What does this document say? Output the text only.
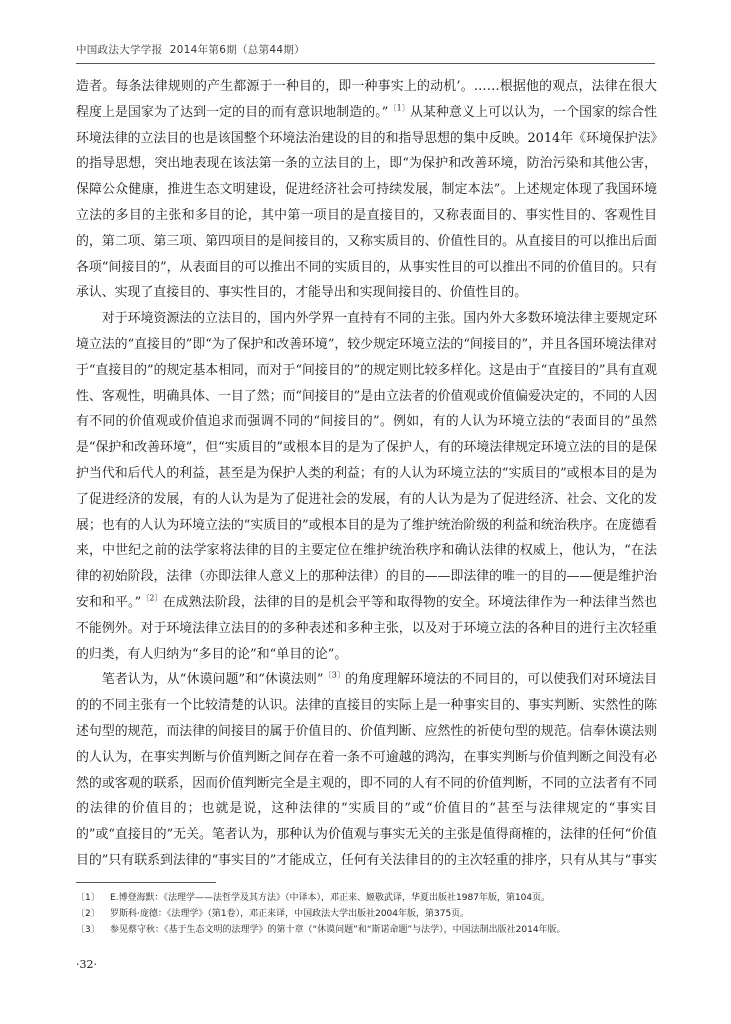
中国政法大学学报 2014年第6期（总第44期）

造者。每条法律规则的产生都源于一种目的，即一种事实上的动机’。……根据他的观点，法律在很大程度上是国家为了达到一定的目的而有意识地制造的。”$^{〔1〕}$从某种意义上可以认为，一个国家的综合性环境法律的立法目的也是该国整个环境法治建设的目的和指导思想的集中反映。2014年《环境保护法》的指导思想，突出地表现在该法第一条的立法目的上，即“为保护和改善环境，防治污染和其他公害，保障公众健康，推进生态文明建设，促进经济社会可持续发展，制定本法”。上述规定体现了我国环境立法的多目的主张和多目的论，其中第一项目的是直接目的，又称表面目的、事实性目的、客观性目的，第二项、第三项、第四项目的是间接目的，又称实质目的、价值性目的。从直接目的可以推出后面各项“间接目的”，从表面目的可以推出不同的实质目的，从事实性目的可以推出不同的价值目的。只有承认、实现了直接目的、事实性目的，才能导出和实现间接目的、价值性目的。

对于环境资源法的立法目的，国内外学界一直持有不同的主张。国内外大多数环境法律主要规定环境立法的“直接目的”即“为了保护和改善环境”，较少规定环境立法的“间接目的”，并且各国环境法律对于“直接目的”的规定基本相同，而对于“间接目的”的规定则比较多样化。这是由于“直接目的”具有直观性、客观性，明确具体、一目了然；而“间接目的”是由立法者的价值观或价值偏爱决定的，不同的人因有不同的价值观或价值追求而强调不同的“间接目的”。例如，有的人认为环境立法的“表面目的”虽然是“保护和改善环境”，但“实质目的”或根本目的是为了保护人，有的环境法律规定环境立法的目的是保护当代和后代人的利益，甚至是为保护人类的利益；有的人认为环境立法的“实质目的”或根本目的是为了促进经济的发展，有的人认为是为了促进社会的发展，有的人认为是为了促进经济、社会、文化的发展；也有的人认为环境立法的“实质目的”或根本目的是为了维护统治阶级的利益和统治秩序。在庞德看来，中世纪之前的法学家将法律的目的主要定位在维护统治秩序和确认法律的权威上，他认为，“在法律的初始阶段，法律（亦即法律人意义上的那种法律）的目的——即法律的唯一的目的——便是维护治安和和平。”$^{〔2〕}$在成熟法阶段，法律的目的是机会平等和取得物的安全。环境法律作为一种法律当然也不能例外。对于环境法律立法目的的多种表述和多种主张，以及对于环境立法的各种目的进行主次轻重的归类，有人归纳为“多目的论”和“单目的论”。

笔者认为，从“休谟问题”和“休谟法则”$^{〔3〕}$的角度理解环境法的不同目的，可以使我们对环境法目的的不同主张有一个比较清楚的认识。法律的直接目的实际上是一种事实目的、事实判断、实然性的陈述句型的规范，而法律的间接目的属于价值目的、价值判断、应然性的祈使句型的规范。信奉休谟法则的人认为，在事实判断与价值判断之间存在着一条不可逾越的鸿沟，在事实判断与价值判断之间没有必然的或客观的联系，因而价值判断完全是主观的，即不同的人有不同的价值判断，不同的立法者有不同的法律的价值目的；也就是说，这种法律的“实质目的”或“价值目的”甚至与法律规定的“事实目的”或“直接目的”无关。笔者认为，那种认为价值观与事实无关的主张是值得商榷的，法律的任何“价值目的”只有联系到法律的“事实目的”才能成立，任何有关法律目的的主次轻重的排序，只有从其与“事实

〔1〕	E.博登海默：《法理学——法哲学及其方法》（中译本），邓正来、姬敬武译，华夏出版社1987年版，第104页。
〔2〕	罗斯科·庞德：《法理学》（第1卷），邓正来译，中国政法大学出版社2004年版，第375页。
〔3〕	参见蔡守秋：《基于生态文明的法理学》的第十章（“休谟问题”和“斯诺命题”与法学），中国法制出版社2014年版。
·32·
